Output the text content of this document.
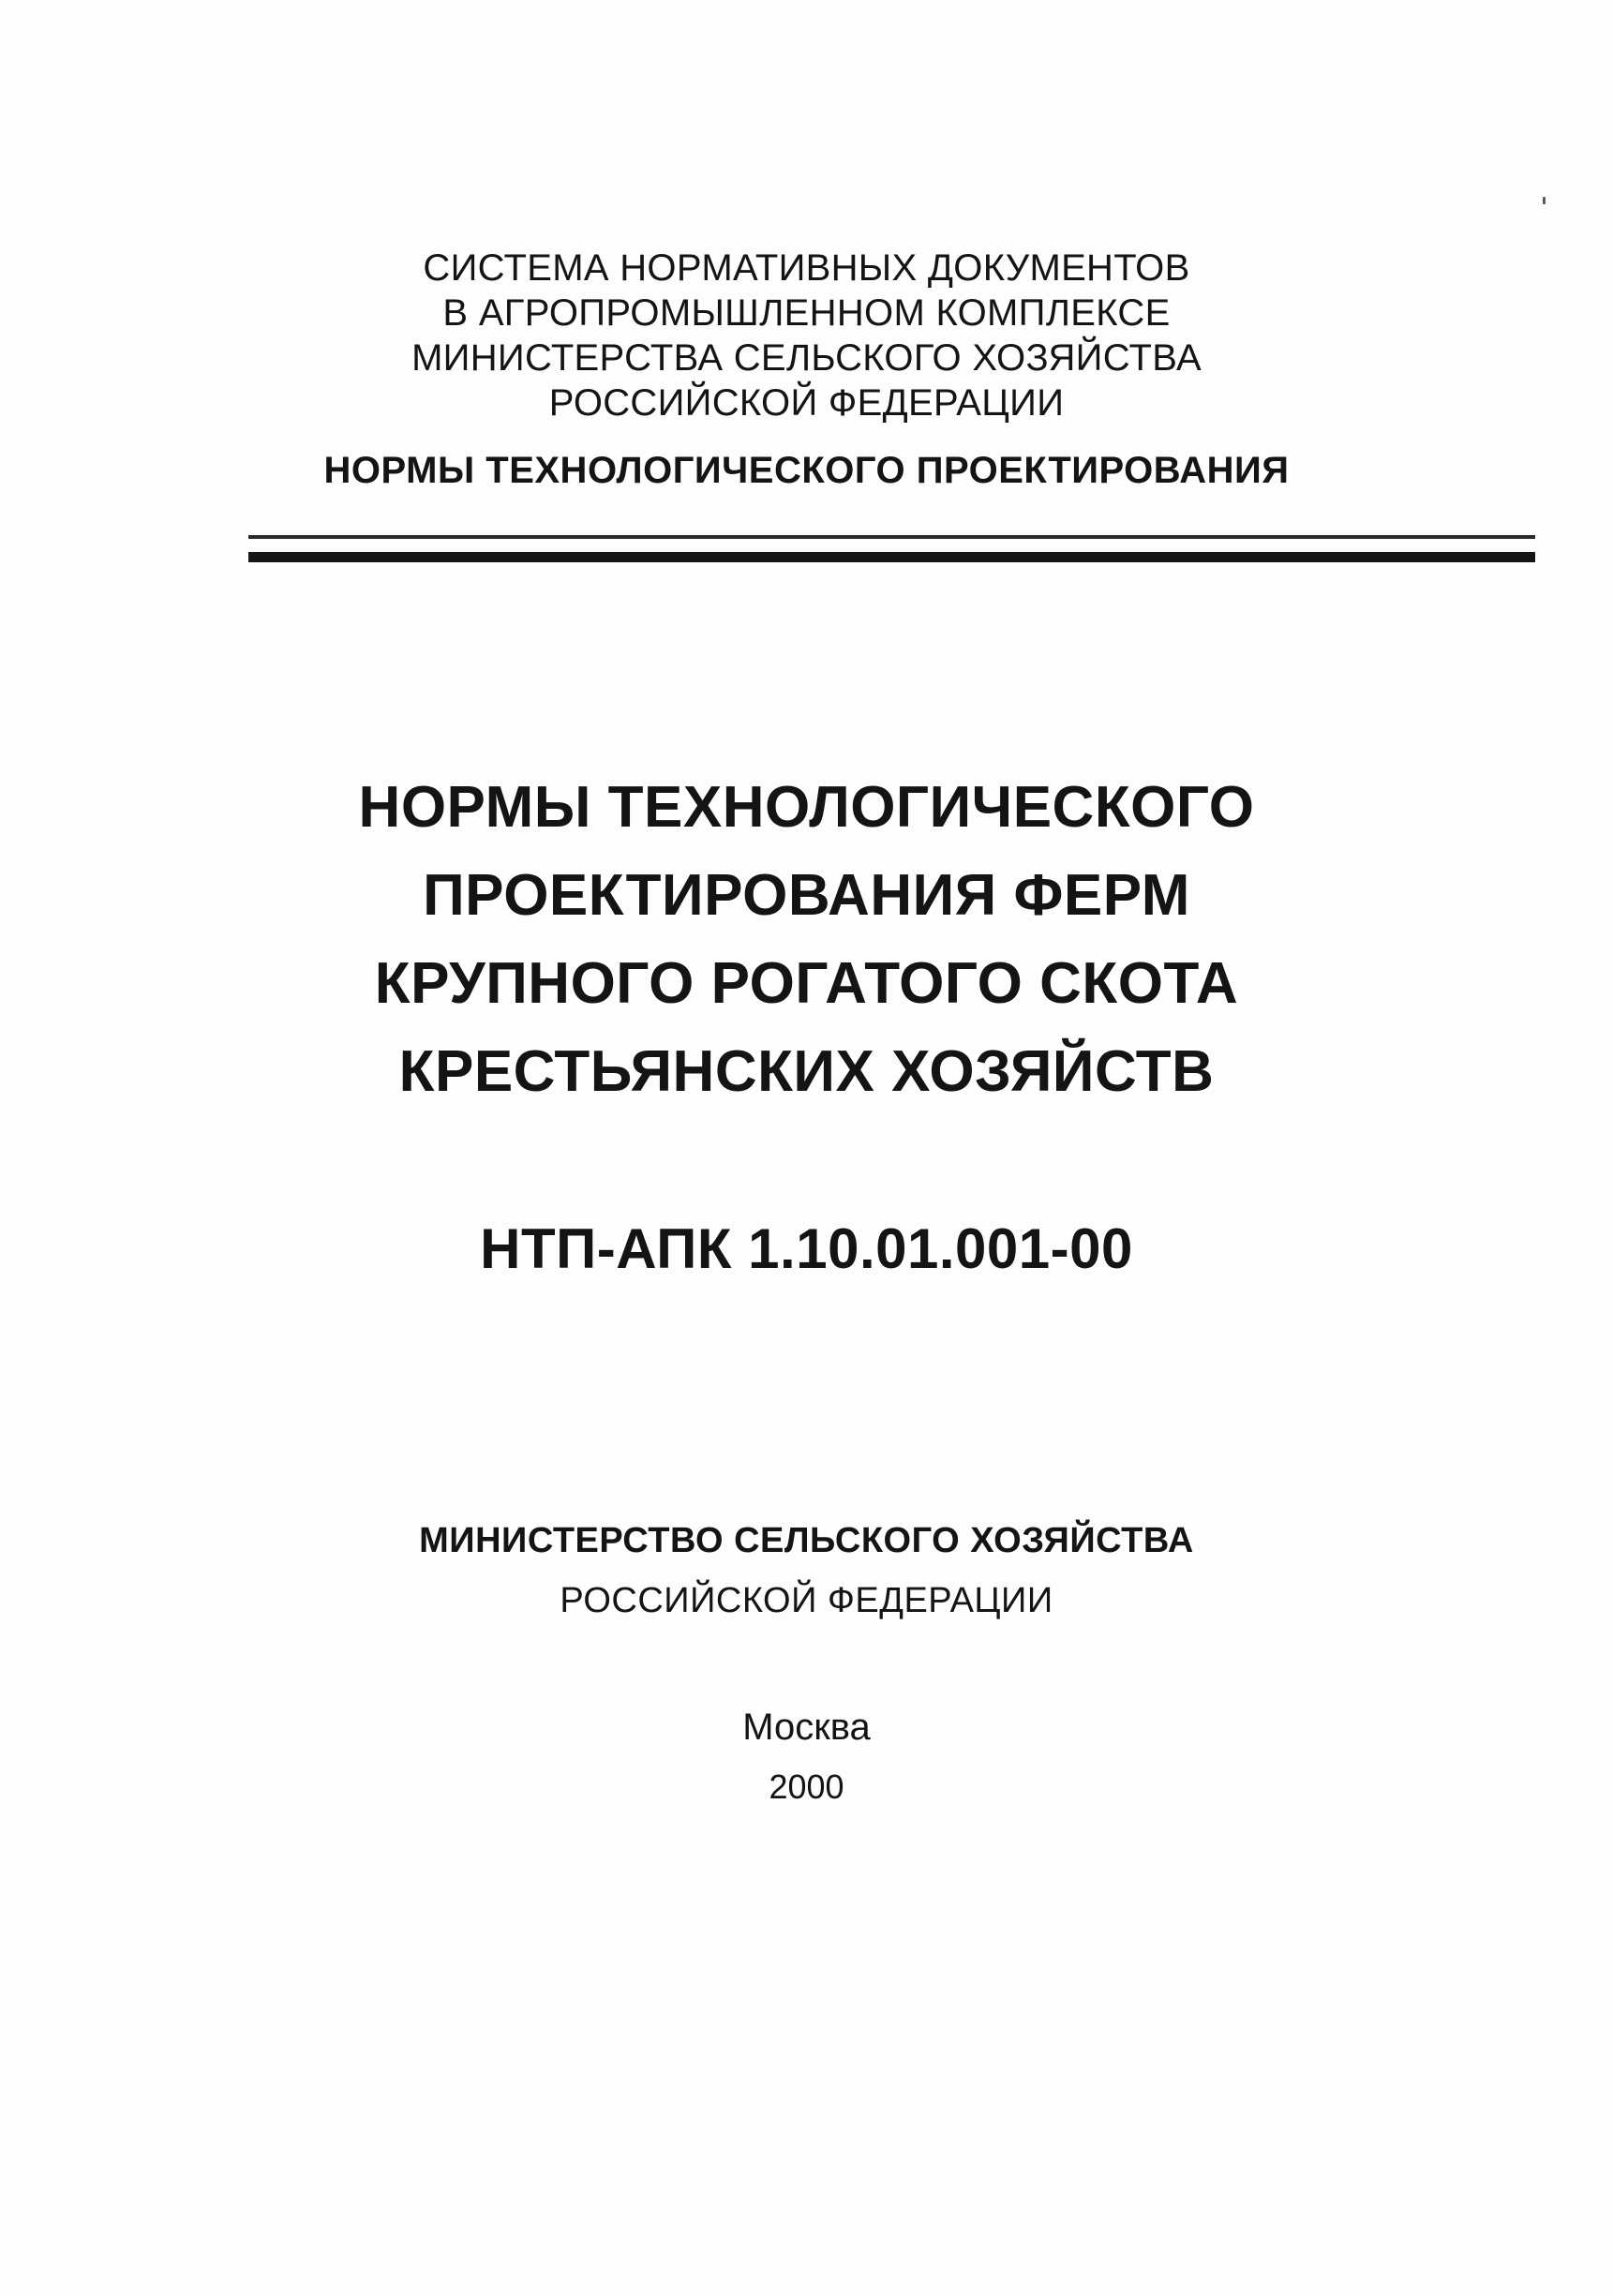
СИСТЕМА НОРМАТИВНЫХ ДОКУМЕНТОВ
В АГРОПРОМЫШЛЕННОМ КОМПЛЕКСЕ
МИНИСТЕРСТВА СЕЛЬСКОГО ХОЗЯЙСТВА
РОССИЙСКОЙ ФЕДЕРАЦИИ
НОРМЫ ТЕХНОЛОГИЧЕСКОГО ПРОЕКТИРОВАНИЯ
НОРМЫ ТЕХНОЛОГИЧЕСКОГО
ПРОЕКТИРОВАНИЯ ФЕРМ
КРУПНОГО РОГАТОГО СКОТА
КРЕСТЬЯНСКИХ ХОЗЯЙСТВ
НТП-АПК 1.10.01.001-00
МИНИСТЕРСТВО СЕЛЬСКОГО ХОЗЯЙСТВА
РОССИЙСКОЙ ФЕДЕРАЦИИ
Москва
2000
